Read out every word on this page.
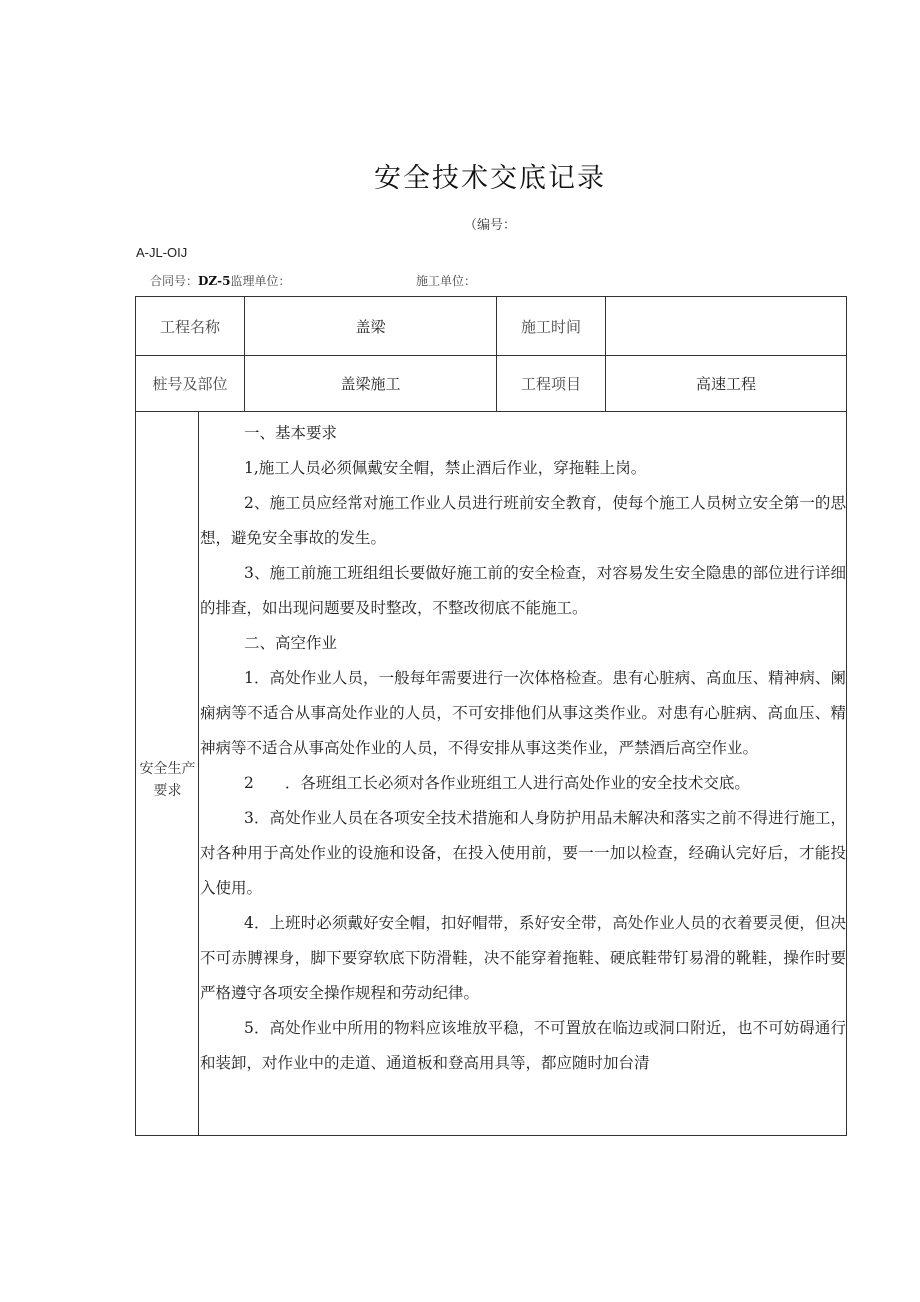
安全技术交底记录
（编号：
A-JL-OIJ
合同号：DZ-5监理单位：	施工单位：
工程名称	盖梁	施工时间
桩号及部位	盖梁施工	工程项目	高速工程
安全生产要求

一、基本要求

1,施工人员必须佩戴安全帽，禁止酒后作业，穿拖鞋上岗。

2、施工员应经常对施工作业人员进行班前安全教育，使每个施工人员树立安全第一的思想，避免安全事故的发生。

3、施工前施工班组组长要做好施工前的安全检查，对容易发生安全隐患的部位进行详细的排查，如出现问题要及时整改，不整改彻底不能施工。

二、高空作业

1．高处作业人员，一般每年需要进行一次体格检查。患有心脏病、高血压、精神病、阑痫病等不适合从事高处作业的人员，不可安排他们从事这类作业。对患有心脏病、高血压、精神病等不适合从事高处作业的人员，不得安排从事这类作业，严禁酒后高空作业。

2　　．各班组工长必须对各作业班组工人进行高处作业的安全技术交底。

3．高处作业人员在各项安全技术措施和人身防护用品未解决和落实之前不得进行施工，对各种用于高处作业的设施和设备，在投入使用前，要一一加以检查，经确认完好后，才能投入使用。

4．上班时必须戴好安全帽，扣好帽带，系好安全带，高处作业人员的衣着要灵便，但决不可赤膊裸身，脚下要穿软底下防滑鞋，决不能穿着拖鞋、硬底鞋带钉易滑的靴鞋，操作时要严格遵守各项安全操作规程和劳动纪律。

5．高处作业中所用的物料应该堆放平稳，不可置放在临边或洞口附近，也不可妨碍通行和装卸，对作业中的走道、通道板和登高用具等，都应随时加台清
